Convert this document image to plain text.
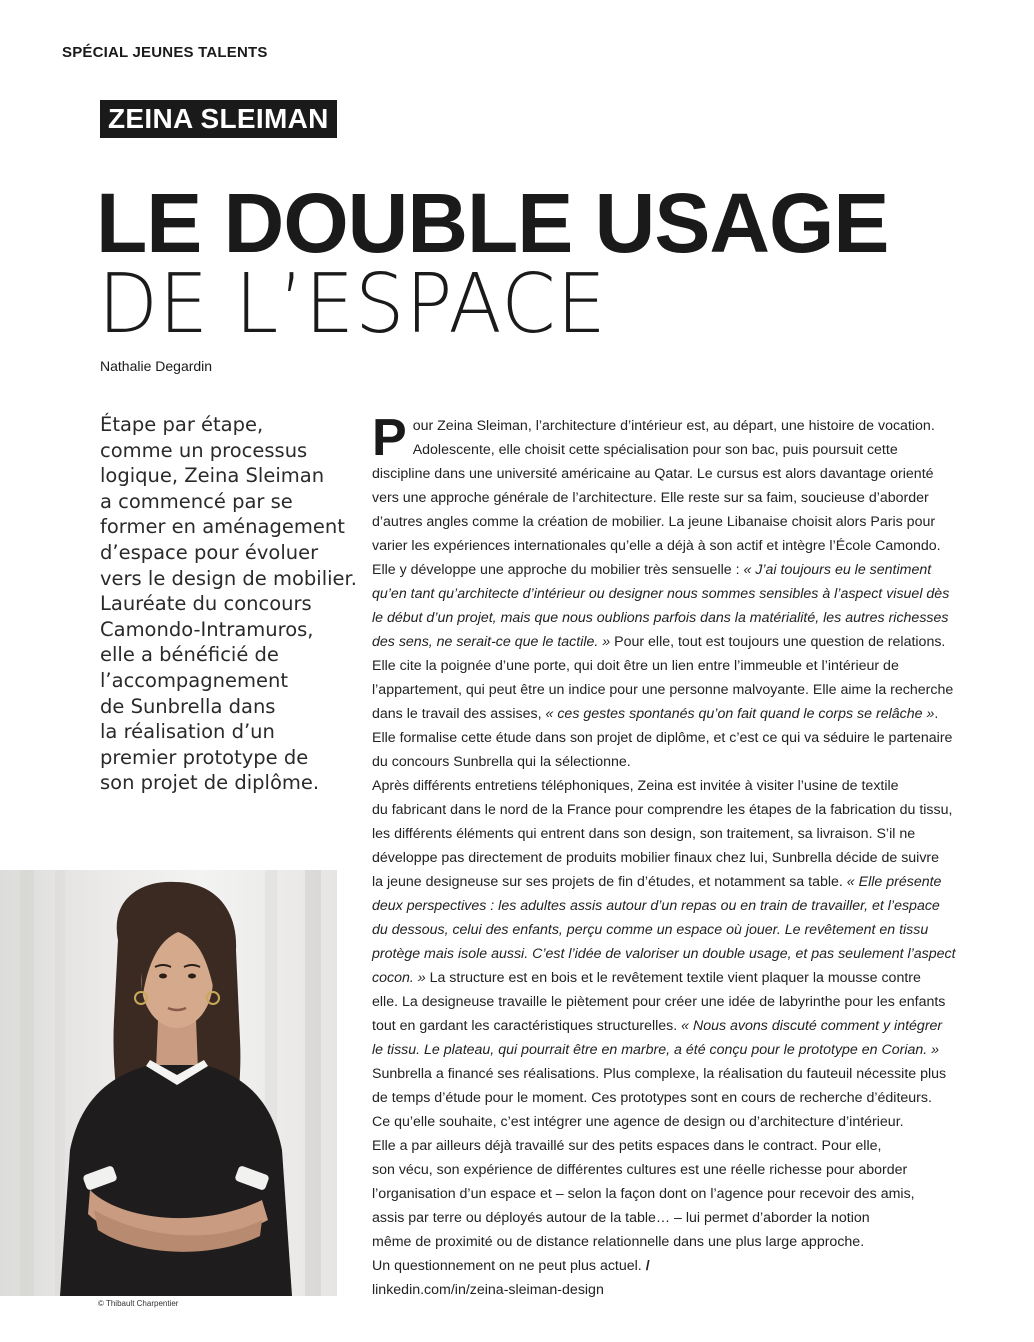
SPÉCIAL JEUNES TALENTS
ZEINA SLEIMAN
LE DOUBLE USAGE
DE L’ESPACE
Nathalie Degardin
Étape par étape,
comme un processus
logique, Zeina Sleiman
a commencé par se
former en aménagement
d’espace pour évoluer
vers le design de mobilier.
Lauréate du concours
Camondo-Intramuros,
elle a bénéficié de
l’accompagnement
de Sunbrella dans
la réalisation d’un
premier prototype de
son projet de diplôme.
© Thibault Charpentier
P our Zeina Sleiman, l’architecture d’intérieur est, au départ, une histoire de vocation.
Adolescente, elle choisit cette spécialisation pour son bac, puis poursuit cette
discipline dans une université américaine au Qatar. Le cursus est alors davantage orienté
vers une approche générale de l’architecture. Elle reste sur sa faim, soucieuse d’aborder
d’autres angles comme la création de mobilier. La jeune Libanaise choisit alors Paris pour
varier les expériences internationales qu’elle a déjà à son actif et intègre l’École Camondo.
Elle y développe une approche du mobilier très sensuelle : « J’ai toujours eu le sentiment
qu’en tant qu’architecte d’intérieur ou designer nous sommes sensibles à l’aspect visuel dès
le début d’un projet, mais que nous oublions parfois dans la matérialité, les autres richesses
des sens, ne serait-ce que le tactile. » Pour elle, tout est toujours une question de relations.
Elle cite la poignée d’une porte, qui doit être un lien entre l’immeuble et l’intérieur de
l’appartement, qui peut être un indice pour une personne malvoyante. Elle aime la recherche
dans le travail des assises, « ces gestes spontanés qu’on fait quand le corps se relâche ».
Elle formalise cette étude dans son projet de diplôme, et c’est ce qui va séduire le partenaire
du concours Sunbrella qui la sélectionne.
Après différents entretiens téléphoniques, Zeina est invitée à visiter l’usine de textile
du fabricant dans le nord de la France pour comprendre les étapes de la fabrication du tissu,
les différents éléments qui entrent dans son design, son traitement, sa livraison. S’il ne
développe pas directement de produits mobilier finaux chez lui, Sunbrella décide de suivre
la jeune designeuse sur ses projets de fin d’études, et notamment sa table. « Elle présente
deux perspectives : les adultes assis autour d’un repas ou en train de travailler, et l’espace
du dessous, celui des enfants, perçu comme un espace où jouer. Le revêtement en tissu
protège mais isole aussi. C’est l’idée de valoriser un double usage, et pas seulement l’aspect
cocon. » La structure est en bois et le revêtement textile vient plaquer la mousse contre
elle. La designeuse travaille le piètement pour créer une idée de labyrinthe pour les enfants
tout en gardant les caractéristiques structurelles. « Nous avons discuté comment y intégrer
le tissu. Le plateau, qui pourrait être en marbre, a été conçu pour le prototype en Corian. »
Sunbrella a financé ses réalisations. Plus complexe, la réalisation du fauteuil nécessite plus
de temps d’étude pour le moment. Ces prototypes sont en cours de recherche d’éditeurs.
Ce qu’elle souhaite, c’est intégrer une agence de design ou d’architecture d’intérieur.
Elle a par ailleurs déjà travaillé sur des petits espaces dans le contract. Pour elle,
son vécu, son expérience de différentes cultures est une réelle richesse pour aborder
l’organisation d’un espace et – selon la façon dont on l’agence pour recevoir des amis,
assis par terre ou déployés autour de la table… – lui permet d’aborder la notion
même de proximité ou de distance relationnelle dans une plus large approche.
Un questionnement on ne peut plus actuel. /
linkedin.com/in/zeina-sleiman-design
